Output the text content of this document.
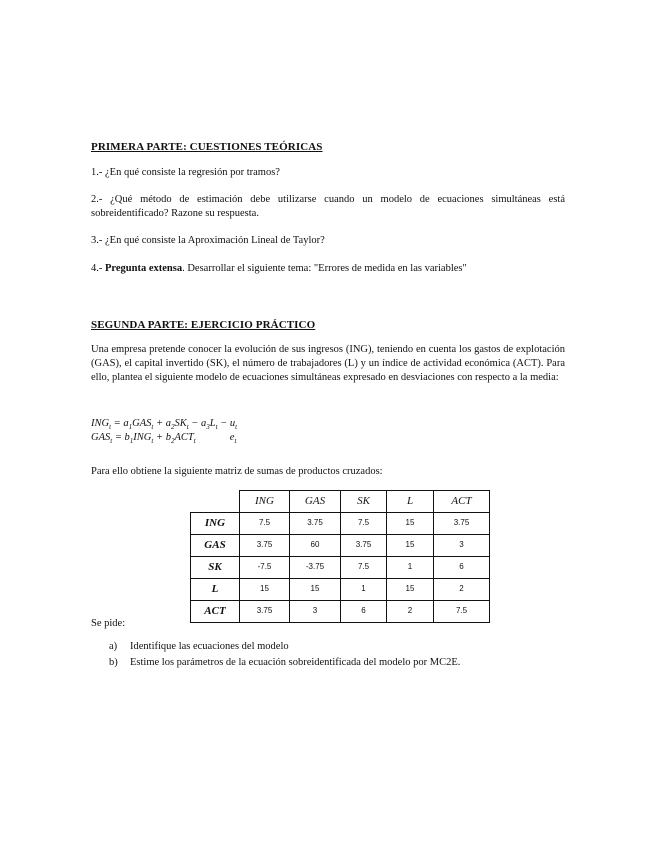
PRIMERA PARTE: CUESTIONES TEÓRICAS
1.- ¿En qué consiste la regresión por tramos?
2.- ¿Qué método de estimación debe utilizarse cuando un modelo de ecuaciones simultáneas está sobreidentificado? Razone su respuesta.
3.- ¿En qué consiste la Aproximación Lineal de Taylor?
4.- Pregunta extensa. Desarrollar el siguiente tema: "Errores de medida en las variables"
SEGUNDA PARTE: EJERCICIO PRÁCTICO
Una empresa pretende conocer la evolución de sus ingresos (ING), teniendo en cuenta los gastos de explotación (GAS), el capital invertido (SK), el número de trabajadores (L) y un índice de actividad económica (ACT). Para ello, plantea el siguiente modelo de ecuaciones simultáneas expresado en desviaciones con respecto a la media:
$ING_t = a_1GAS_t + a_2SK_t - a_3L_t - u_t$
$GAS_t = b_1ING_t + b_2ACT_t$	$e_t$
Para ello obtiene la siguiente matriz de sumas de productos cruzados:
	ING	GAS	SK	L	ACT
ING	7.5	3.75	7.5	15	3.75
GAS	3.75	60	3.75	15	3
SK	-7.5	-3.75	7.5	1	6
L	15	15	1	15	2
ACT	3.75	3	6	2	7.5
Se pide:
a) Identifique las ecuaciones del modelo
b) Estime los parámetros de la ecuación sobreidentificada del modelo por MC2E.
